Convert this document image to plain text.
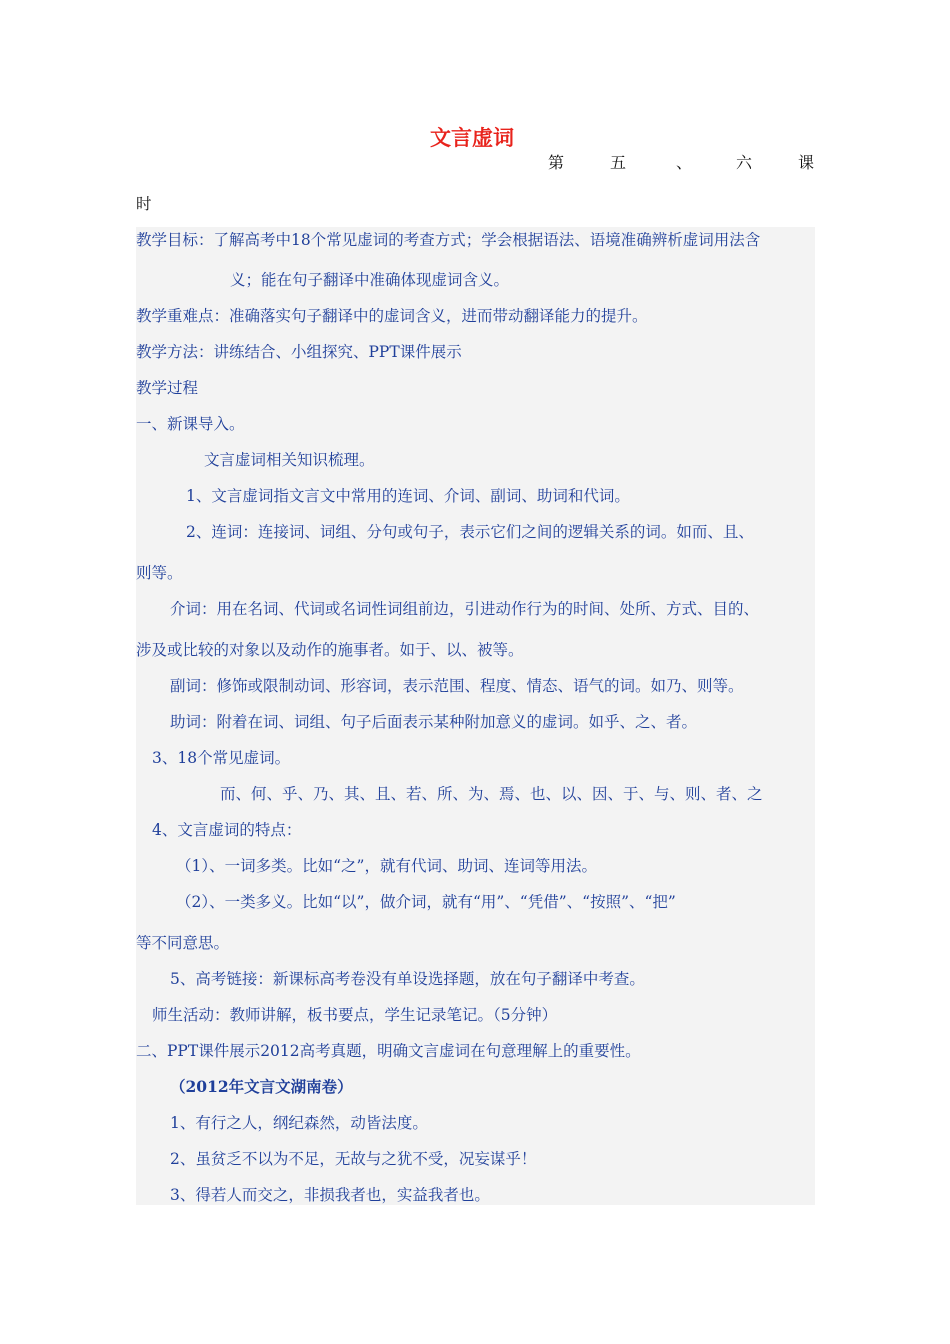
文言虚词
第	五	、	六	课
时
教学目标：了解高考中18个常见虚词的考查方式；学会根据语法、语境准确辨析虚词用法含
义；能在句子翻译中准确体现虚词含义。
教学重难点：准确落实句子翻译中的虚词含义，进而带动翻译能力的提升。
教学方法：讲练结合、小组探究、PPT课件展示
教学过程
一、新课导入。
文言虚词相关知识梳理。
1、文言虚词指文言文中常用的连词、介词、副词、助词和代词。
2、连词：连接词、词组、分句或句子，表示它们之间的逻辑关系的词。如而、且、
则等。
介词：用在名词、代词或名词性词组前边，引进动作行为的时间、处所、方式、目的、
涉及或比较的对象以及动作的施事者。如于、以、被等。
副词：修饰或限制动词、形容词，表示范围、程度、情态、语气的词。如乃、则等。
助词：附着在词、词组、句子后面表示某种附加意义的虚词。如乎、之、者。
3、18个常见虚词。
而、何、乎、乃、其、且、若、所、为、焉、也、以、因、于、与、则、者、之
4、文言虚词的特点：
（1）、一词多类。比如“之”，就有代词、助词、连词等用法。
（2）、一类多义。比如“以”，做介词，就有“用”、“凭借”、“按照”、“把”
等不同意思。
5、高考链接：新课标高考卷没有单设选择题，放在句子翻译中考查。
师生活动：教师讲解，板书要点，学生记录笔记。（5分钟）
二、PPT课件展示2012高考真题，明确文言虚词在句意理解上的重要性。
（2012年文言文湖南卷）
1、有行之人，纲纪森然，动皆法度。
2、虽贫乏不以为不足，无故与之犹不受，况妄谋乎！
3、得若人而交之，非损我者也，实益我者也。
